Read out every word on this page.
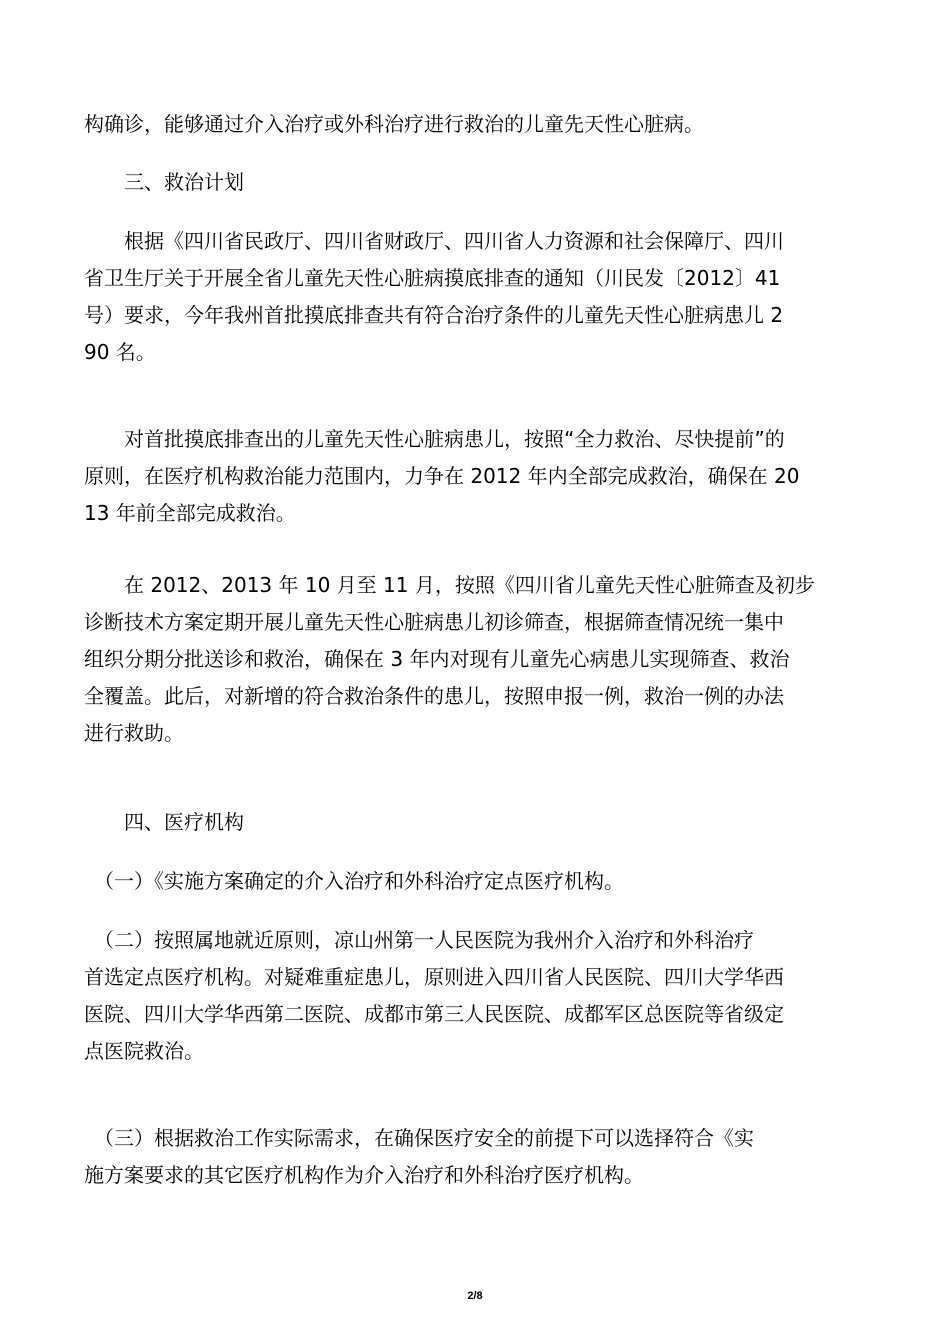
构确诊，能够通过介入治疗或外科治疗进行救治的儿童先天性心脏病。

　　三、救治计划

　　根据《四川省民政厅、四川省财政厅、四川省人力资源和社会保障厅、四川
省卫生厅关于开展全省儿童先天性心脏病摸底排查的通知（川民发〔2012〕41
号）要求，今年我州首批摸底排查共有符合治疗条件的儿童先天性心脏病患儿 2
90 名。

　　对首批摸底排查出的儿童先天性心脏病患儿，按照“全力救治、尽快提前”的
原则，在医疗机构救治能力范围内，力争在 2012 年内全部完成救治，确保在 20
13 年前全部完成救治。

　　在 2012、2013 年 10 月至 11 月，按照《四川省儿童先天性心脏筛查及初步
诊断技术方案定期开展儿童先天性心脏病患儿初诊筛查，根据筛查情况统一集中
组织分期分批送诊和救治，确保在 3 年内对现有儿童先心病患儿实现筛查、救治
全覆盖。此后，对新增的符合救治条件的患儿，按照申报一例，救治一例的办法
进行救助。

　　四、医疗机构

　（一）《实施方案确定的介入治疗和外科治疗定点医疗机构。

　（二）按照属地就近原则，凉山州第一人民医院为我州介入治疗和外科治疗
首选定点医疗机构。对疑难重症患儿，原则进入四川省人民医院、四川大学华西
医院、四川大学华西第二医院、成都市第三人民医院、成都军区总医院等省级定
点医院救治。

　（三）根据救治工作实际需求，在确保医疗安全的前提下可以选择符合《实
施方案要求的其它医疗机构作为介入治疗和外科治疗医疗机构。

2/8
